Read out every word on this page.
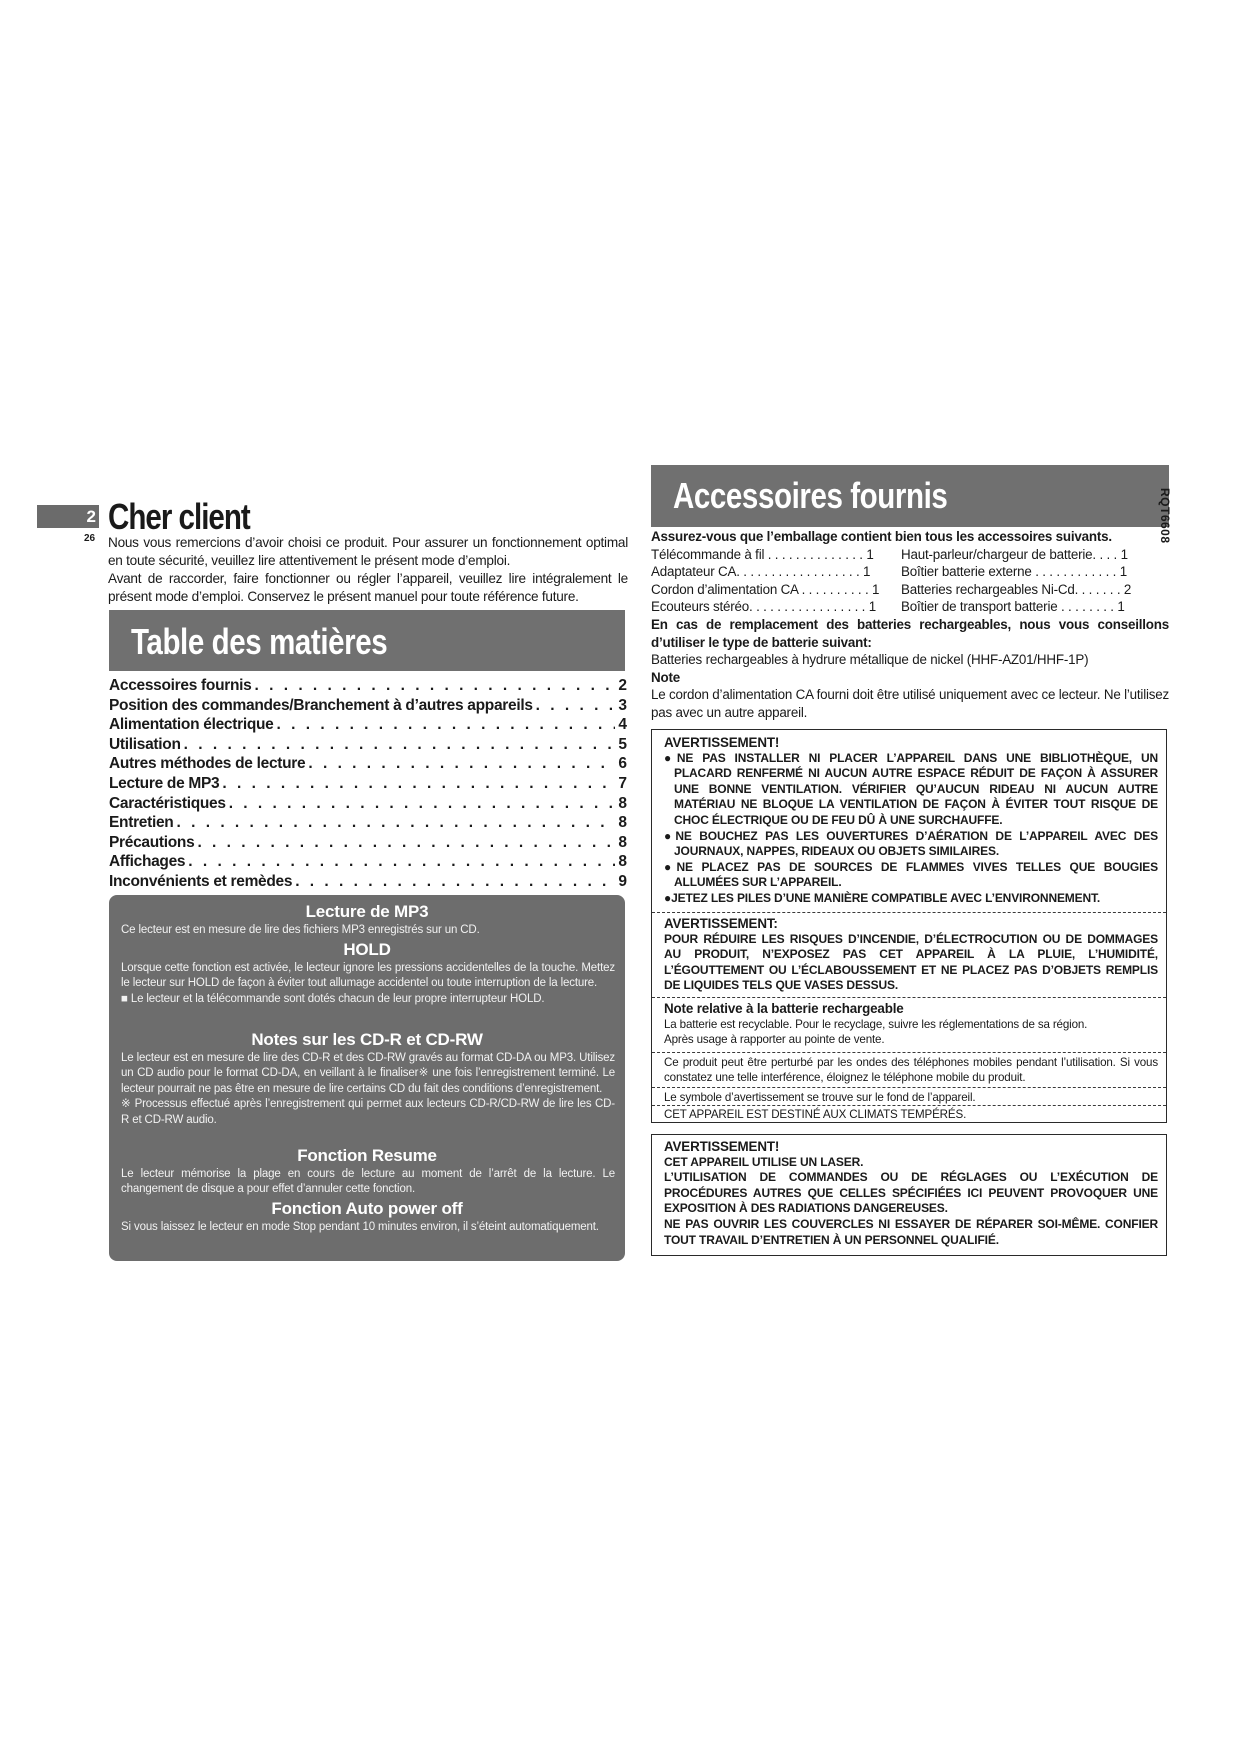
2
26
Cher client

Nous vous remercions d’avoir choisi ce produit. Pour assurer un fonctionnement optimal en toute sécurité, veuillez lire attentivement le présent mode d’emploi.

Avant de raccorder, faire fonctionner ou régler l’appareil, veuillez lire intégralement le présent mode d’emploi. Conservez le présent manuel pour toute référence future.

Table des matières
Accessoires fournis . . .	2
Position des commandes/Branchement à d’autres appareils . . .	3
Alimentation électrique . . .	4
Utilisation . . .	5
Autres méthodes de lecture . . .	6
Lecture de MP3 . . .	7
Caractéristiques . . .	8
Entretien . . .	8
Précautions . . .	8
Affichages . . .	8
Inconvénients et remèdes . . .	9
Lecture de MP3

Ce lecteur est en mesure de lire des fichiers MP3 enregistrés sur un CD.

HOLD

Lorsque cette fonction est activée, le lecteur ignore les pressions accidentelles de la touche. Mettez le lecteur sur HOLD de façon à éviter tout allumage accidentel ou toute interruption de la lecture.

■ Le lecteur et la télécommande sont dotés chacun de leur propre interrupteur HOLD.

Notes sur les CD-R et CD-RW

Le lecteur est en mesure de lire des CD-R et des CD-RW gravés au format CD-DA ou MP3. Utilisez un CD audio pour le format CD-DA, en veillant à le finaliser※ une fois l’enregistrement terminé. Le lecteur pourrait ne pas être en mesure de lire certains CD du fait des conditions d’enregistrement.

※ Processus effectué après l’enregistrement qui permet aux lecteurs CD-R/CD-RW de lire les CD-R et CD-RW audio.

Fonction Resume

Le lecteur mémorise la plage en cours de lecture au moment de l’arrêt de la lecture. Le changement de disque a pour effet d’annuler cette fonction.

Fonction Auto power off

Si vous laissez le lecteur en mode Stop pendant 10 minutes environ, il s’éteint automatiquement.

Accessoires fournis	RQT6608

Assurez-vous que l’emballage contient bien tous les accessoires suivants.

Télécommande à fil . . . . . . . . . . . . . . 1	Haut-parleur/chargeur de batterie. . . . 1
Adaptateur CA. . . . . . . . . . . . . . . . . . 1	Boîtier batterie externe . . . . . . . . . . . . 1
Cordon d’alimentation CA . . . . . . . . . . 1	Batteries rechargeables Ni-Cd. . . . . . . 2
Ecouteurs stéréo. . . . . . . . . . . . . . . . . 1	Boîtier de transport batterie . . . . . . . . 1

En cas de remplacement des batteries rechargeables, nous vous conseillons d’utiliser le type de batterie suivant:

Batteries rechargeables à hydrure métallique de nickel (HHF-AZ01/HHF-1P)

Note

Le cordon d’alimentation CA fourni doit être utilisé uniquement avec ce lecteur. Ne l’utilisez pas avec un autre appareil.

AVERTISSEMENT!
●NE PAS INSTALLER NI PLACER L’APPAREIL DANS UNE BIBLIOTHÈQUE, UN PLACARD RENFERMÉ NI AUCUN AUTRE ESPACE RÉDUIT DE FAÇON À ASSURER UNE BONNE VENTILATION. VÉRIFIER QU’AUCUN RIDEAU NI AUCUN AUTRE MATÉRIAU NE BLOQUE LA VENTILATION DE FAÇON À ÉVITER TOUT RISQUE DE CHOC ÉLECTRIQUE OU DE FEU DÛ À UNE SURCHAUFFE.
●NE BOUCHEZ PAS LES OUVERTURES D’AÉRATION DE L’APPAREIL AVEC DES JOURNAUX, NAPPES, RIDEAUX OU OBJETS SIMILAIRES.
●NE PLACEZ PAS DE SOURCES DE FLAMMES VIVES TELLES QUE BOUGIES ALLUMÉES SUR L’APPAREIL.
●JETEZ LES PILES D’UNE MANIÈRE COMPATIBLE AVEC L’ENVIRONNEMENT.
AVERTISSEMENT:
POUR RÉDUIRE LES RISQUES D’INCENDIE, D’ÉLECTROCUTION OU DE DOMMAGES AU PRODUIT, N’EXPOSEZ PAS CET APPAREIL À LA PLUIE, L’HUMIDITÉ, L’ÉGOUTTEMENT OU L’ÉCLABOUSSEMENT ET NE PLACEZ PAS D’OBJETS REMPLIS DE LIQUIDES TELS QUE VASES DESSUS.
Note relative à la batterie rechargeable
La batterie est recyclable. Pour le recyclage, suivre les réglementations de sa région.
Après usage à rapporter au pointe de vente.
Ce produit peut être perturbé par les ondes des téléphones mobiles pendant l’utilisation. Si vous constatez une telle interférence, éloignez le téléphone mobile du produit.
Le symbole d’avertissement se trouve sur le fond de l’appareil.
CET APPAREIL EST DESTINÉ AUX CLIMATS TEMPÉRÉS.
AVERTISSEMENT!
CET APPAREIL UTILISE UN LASER.
L’UTILISATION DE COMMANDES OU DE RÉGLAGES OU L’EXÉCUTION DE PROCÉDURES AUTRES QUE CELLES SPÉCIFIÉES ICI PEUVENT PROVOQUER UNE EXPOSITION À DES RADIATIONS DANGEREUSES.
NE PAS OUVRIR LES COUVERCLES NI ESSAYER DE RÉPARER SOI-MÊME. CONFIER TOUT TRAVAIL D’ENTRETIEN À UN PERSONNEL QUALIFIÉ.
